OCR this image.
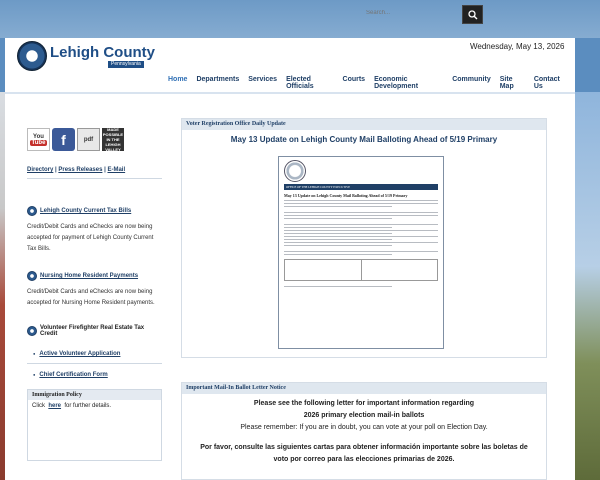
Search...
Lehigh County
Pennsylvania
Wednesday, May 13, 2026
Home Departments Services Elected Officials
Courts Economic Development
Community Site Map
Contact Us
You
Tube	f	pdf
MADE POSSIBLE IN THE LEHIGH VALLEY
Directory | Press Releases | E-Mail
Lehigh County Current Tax Bills
Credit/Debit Cards and eChecks are now being accepted for payment of Lehigh County Current Tax Bills.
Nursing Home Resident Payments
Credit/Debit Cards and eChecks are now being accepted for Nursing Home Resident payments.
Volunteer Firefighter Real Estate Tax Credit
● Active Volunteer Application
● Chief Certification Form
Immigration Policy
Click here for further details.
Voter Registration Office Daily Update
May 13 Update on Lehigh County Mail Balloting Ahead of 5/19 Primary
OFFICE OF THE LEHIGH COUNTY EXECUTIVE
May 13 Update on Lehigh County Mail Balloting Ahead of 5/19 Primary
Important Mail-In Ballot Letter Notice
Please see the following letter for important information regarding
2026 primary election mail-in ballots
Please remember: If you are in doubt, you can vote at your poll on Election Day.
Por favor, consulte las siguientes cartas para obtener información importante sobre las boletas de
voto por correo para las elecciones primarias de 2026.
